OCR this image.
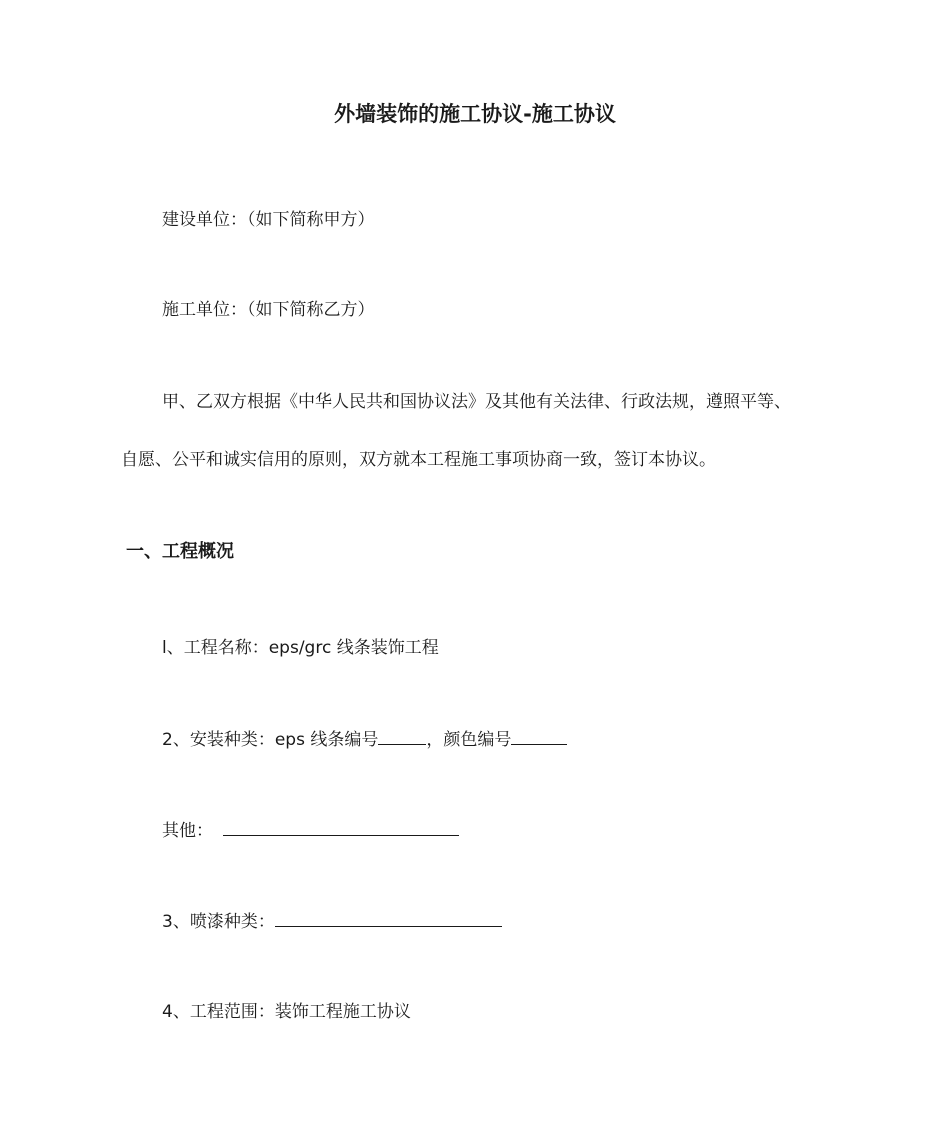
外墙装饰的施工协议-施工协议
建设单位：（如下简称甲方）
施工单位：（如下简称乙方）
甲、乙双方根据《中华人民共和国协议法》及其他有关法律、行政法规，遵照平等、
自愿、公平和诚实信用的原则，双方就本工程施工事项协商一致，签订本协议。
一、工程概况
l、工程名称：eps/grc 线条装饰工程
2、安装种类：eps 线条编号	，颜色编号
其他：
3、喷漆种类：
4、工程范围：装饰工程施工协议
